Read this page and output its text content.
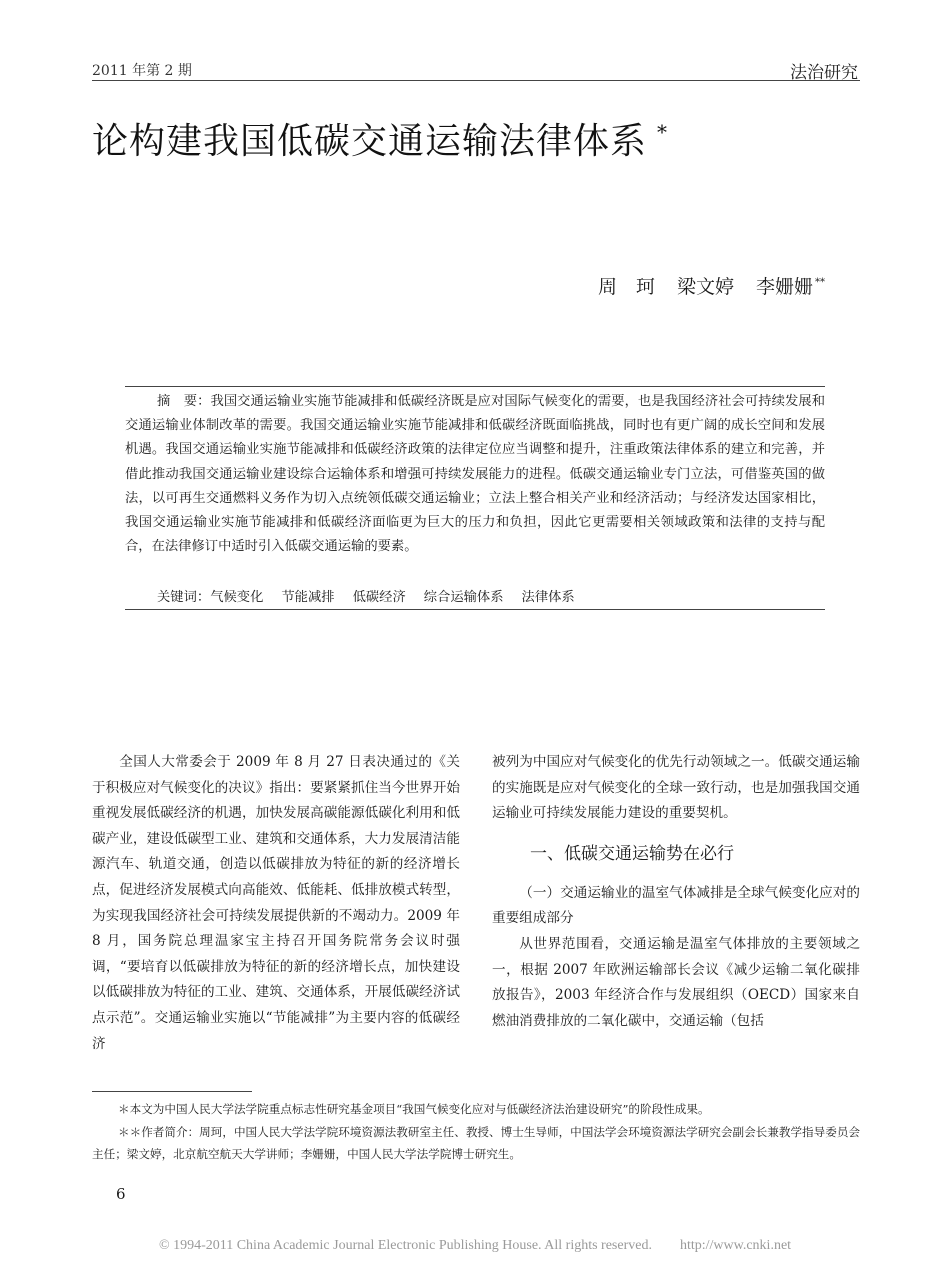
2011 年第 2 期	法治研究
论构建我国低碳交通运输法律体系 *
周　珂 梁文婷 李姗姗 **
摘　要：我国交通运输业实施节能减排和低碳经济既是应对国际气候变化的需要，也是我国经济社会可持续发展和交通运输业体制改革的需要。我国交通运输业实施节能减排和低碳经济既面临挑战，同时也有更广阔的成长空间和发展机遇。我国交通运输业实施节能减排和低碳经济政策的法律定位应当调整和提升，注重政策法律体系的建立和完善，并借此推动我国交通运输业建设综合运输体系和增强可持续发展能力的进程。低碳交通运输业专门立法，可借鉴英国的做法，以可再生交通燃料义务作为切入点统领低碳交通运输业；立法上整合相关产业和经济活动；与经济发达国家相比，我国交通运输业实施节能减排和低碳经济面临更为巨大的压力和负担，因此它更需要相关领域政策和法律的支持与配合，在法律修订中适时引入低碳交通运输的要素。
关键词：气候变化 节能减排 低碳经济 综合运输体系 法律体系

全国人大常委会于 2009 年 8 月 27 日表决通过的《关于积极应对气候变化的决议》指出：要紧紧抓住当今世界开始重视发展低碳经济的机遇，加快发展高碳能源低碳化利用和低碳产业，建设低碳型工业、建筑和交通体系，大力发展清洁能源汽车、轨道交通，创造以低碳排放为特征的新的经济增长点，促进经济发展模式向高能效、低能耗、低排放模式转型，为实现我国经济社会可持续发展提供新的不竭动力。2009 年 8 月，国务院总理温家宝主持召开国务院常务会议时强调，“要培育以低碳排放为特征的新的经济增长点，加快建设以低碳排放为特征的工业、建筑、交通体系，开展低碳经济试点示范”。交通运输业实施以“节能减排”为主要内容的低碳经济

被列为中国应对气候变化的优先行动领域之一。低碳交通运输的实施既是应对气候变化的全球一致行动，也是加强我国交通运输业可持续发展能力建设的重要契机。

一、低碳交通运输势在必行

（一）交通运输业的温室气体减排是全球气候变化应对的重要组成部分

从世界范围看，交通运输是温室气体排放的主要领域之一，根据 2007 年欧洲运输部长会议《减少运输二氧化碳排放报告》，2003 年经济合作与发展组织（OECD）国家来自燃油消费排放的二氧化碳中，交通运输（包括

＊本文为中国人民大学法学院重点标志性研究基金项目“我国气候变化应对与低碳经济法治建设研究”的阶段性成果。

＊＊作者简介：周珂，中国人民大学法学院环境资源法教研室主任、教授、博士生导师，中国法学会环境资源法学研究会副会长兼教学指导委员会主任；梁文婷，北京航空航天大学讲师；李姗姗，中国人民大学法学院博士研究生。

6
© 1994-2011 China Academic Journal Electronic Publishing House. All rights reserved.　　http://www.cnki.net
